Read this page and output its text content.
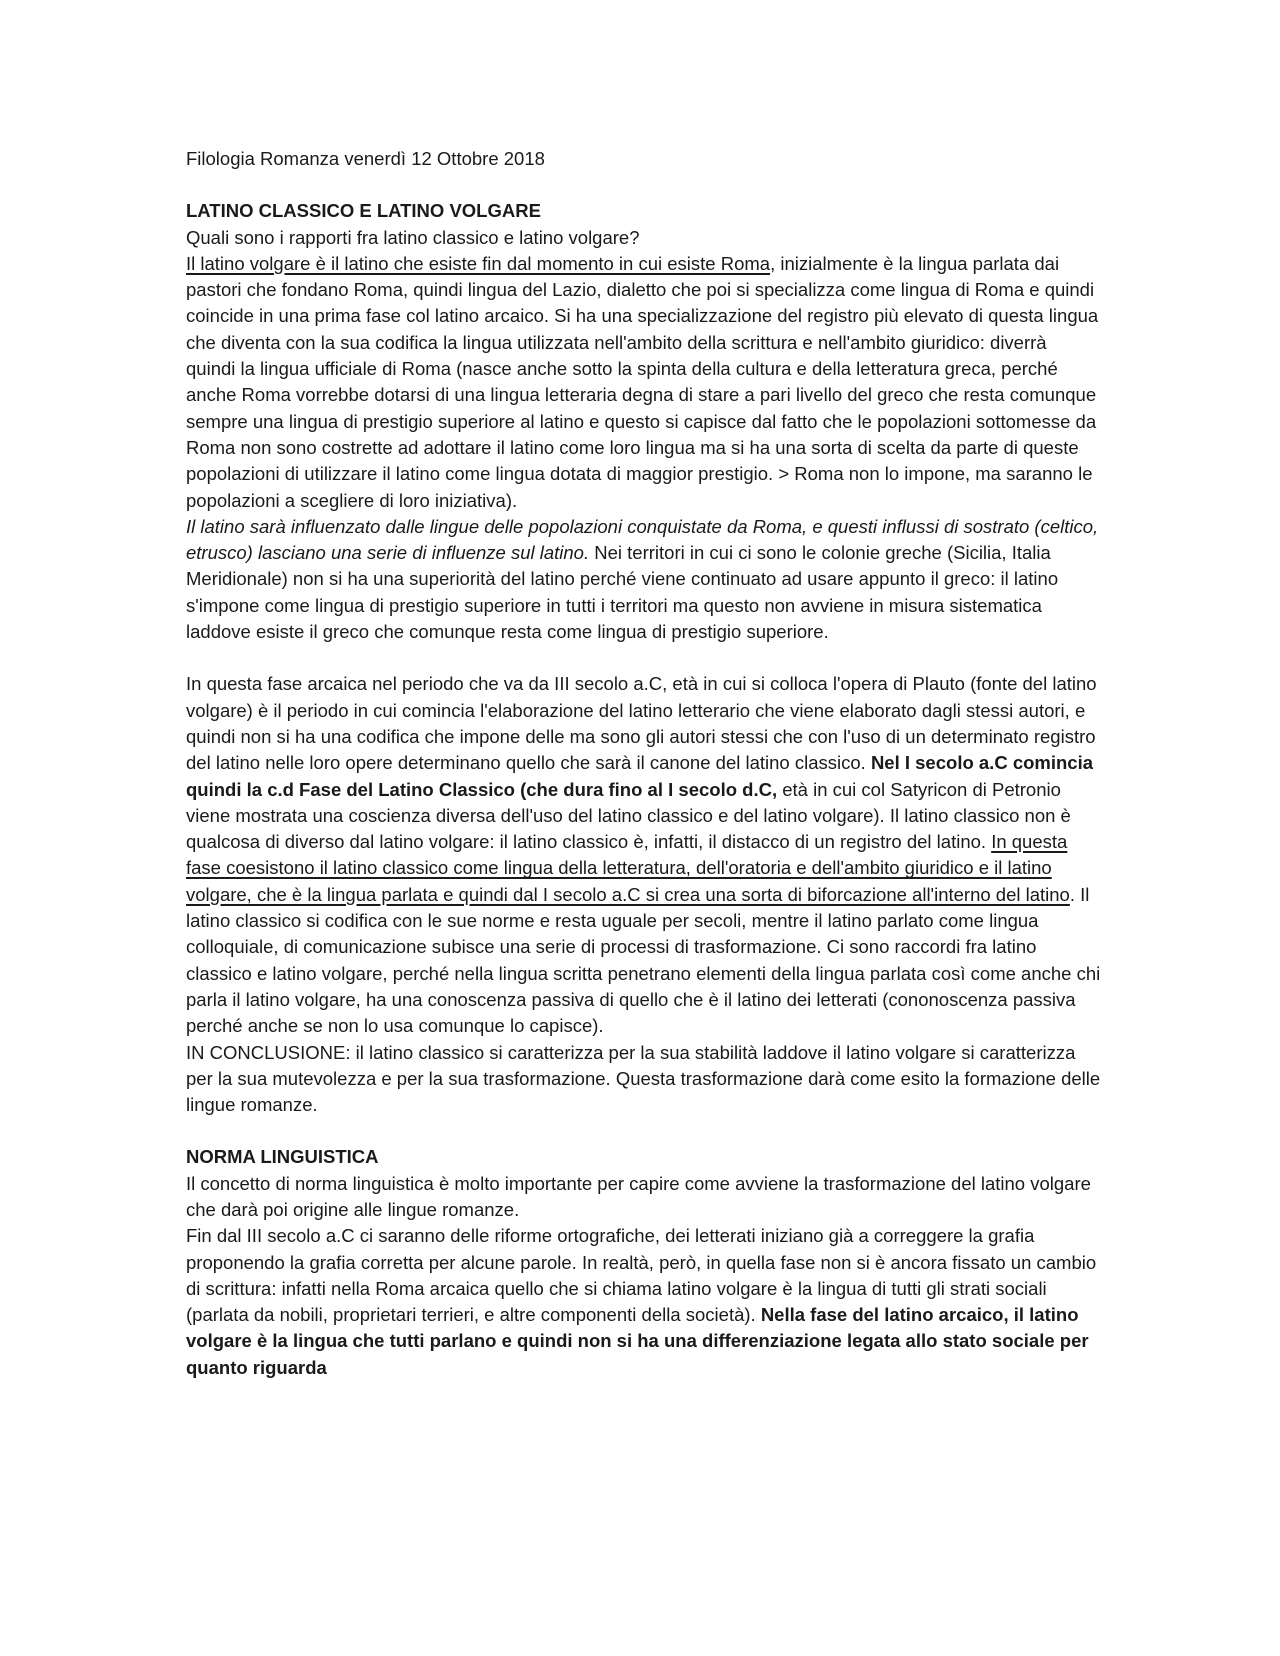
Filologia Romanza venerdì 12 Ottobre 2018

LATINO CLASSICO E LATINO VOLGARE

Quali sono i rapporti fra latino classico e latino volgare?

Il latino volgare è il latino che esiste fin dal momento in cui esiste Roma, inizialmente è la lingua parlata dai pastori che fondano Roma, quindi lingua del Lazio, dialetto che poi si specializza come lingua di Roma e quindi coincide in una prima fase col latino arcaico. Si ha una specializzazione del registro più elevato di questa lingua che diventa con la sua codifica la lingua utilizzata nell'ambito della scrittura e nell'ambito giuridico: diverrà quindi la lingua ufficiale di Roma (nasce anche sotto la spinta della cultura e della letteratura greca, perché anche Roma vorrebbe dotarsi di una lingua letteraria degna di stare a pari livello del greco che resta comunque sempre una lingua di prestigio superiore al latino e questo si capisce dal fatto che le popolazioni sottomesse da Roma non sono costrette ad adottare il latino come loro lingua ma si ha una sorta di scelta da parte di queste popolazioni di utilizzare il latino come lingua dotata di maggior prestigio. > Roma non lo impone, ma saranno le popolazioni a scegliere di loro iniziativa).

Il latino sarà influenzato dalle lingue delle popolazioni conquistate da Roma, e questi influssi di sostrato (celtico, etrusco) lasciano una serie di influenze sul latino. Nei territori in cui ci sono le colonie greche (Sicilia, Italia Meridionale) non si ha una superiorità del latino perché viene continuato ad usare appunto il greco: il latino s'impone come lingua di prestigio superiore in tutti i territori ma questo non avviene in misura sistematica laddove esiste il greco che comunque resta come lingua di prestigio superiore.

In questa fase arcaica nel periodo che va da III secolo a.C, età in cui si colloca l'opera di Plauto (fonte del latino volgare) è il periodo in cui comincia l'elaborazione del latino letterario che viene elaborato dagli stessi autori, e quindi non si ha una codifica che impone delle ma sono gli autori stessi che con l'uso di un determinato registro del latino nelle loro opere determinano quello che sarà il canone del latino classico. Nel I secolo a.C comincia quindi la c.d Fase del Latino Classico (che dura fino al I secolo d.C, età in cui col Satyricon di Petronio viene mostrata una coscienza diversa dell'uso del latino classico e del latino volgare). Il latino classico non è qualcosa di diverso dal latino volgare: il latino classico è, infatti, il distacco di un registro del latino. In questa fase coesistono il latino classico come lingua della letteratura, dell'oratoria e dell'ambito giuridico e il latino volgare, che è la lingua parlata e quindi dal I secolo a.C si crea una sorta di biforcazione all'interno del latino. Il latino classico si codifica con le sue norme e resta uguale per secoli, mentre il latino parlato come lingua colloquiale, di comunicazione subisce una serie di processi di trasformazione. Ci sono raccordi fra latino classico e latino volgare, perché nella lingua scritta penetrano elementi della lingua parlata così come anche chi parla il latino volgare, ha una conoscenza passiva di quello che è il latino dei letterati (cononoscenza passiva perché anche se non lo usa comunque lo capisce).

IN CONCLUSIONE: il latino classico si caratterizza per la sua stabilità laddove il latino volgare si caratterizza per la sua mutevolezza e per la sua trasformazione. Questa trasformazione darà come esito la formazione delle lingue romanze.

NORMA LINGUISTICA

Il concetto di norma linguistica è molto importante per capire come avviene la trasformazione del latino volgare che darà poi origine alle lingue romanze.

Fin dal III secolo a.C ci saranno delle riforme ortografiche, dei letterati iniziano già a correggere la grafia proponendo la grafia corretta per alcune parole. In realtà, però, in quella fase non si è ancora fissato un cambio di scrittura: infatti nella Roma arcaica quello che si chiama latino volgare è la lingua di tutti gli strati sociali (parlata da nobili, proprietari terrieri, e altre componenti della società). Nella fase del latino arcaico, il latino volgare è la lingua che tutti parlano e quindi non si ha una differenziazione legata allo stato sociale per quanto riguarda
